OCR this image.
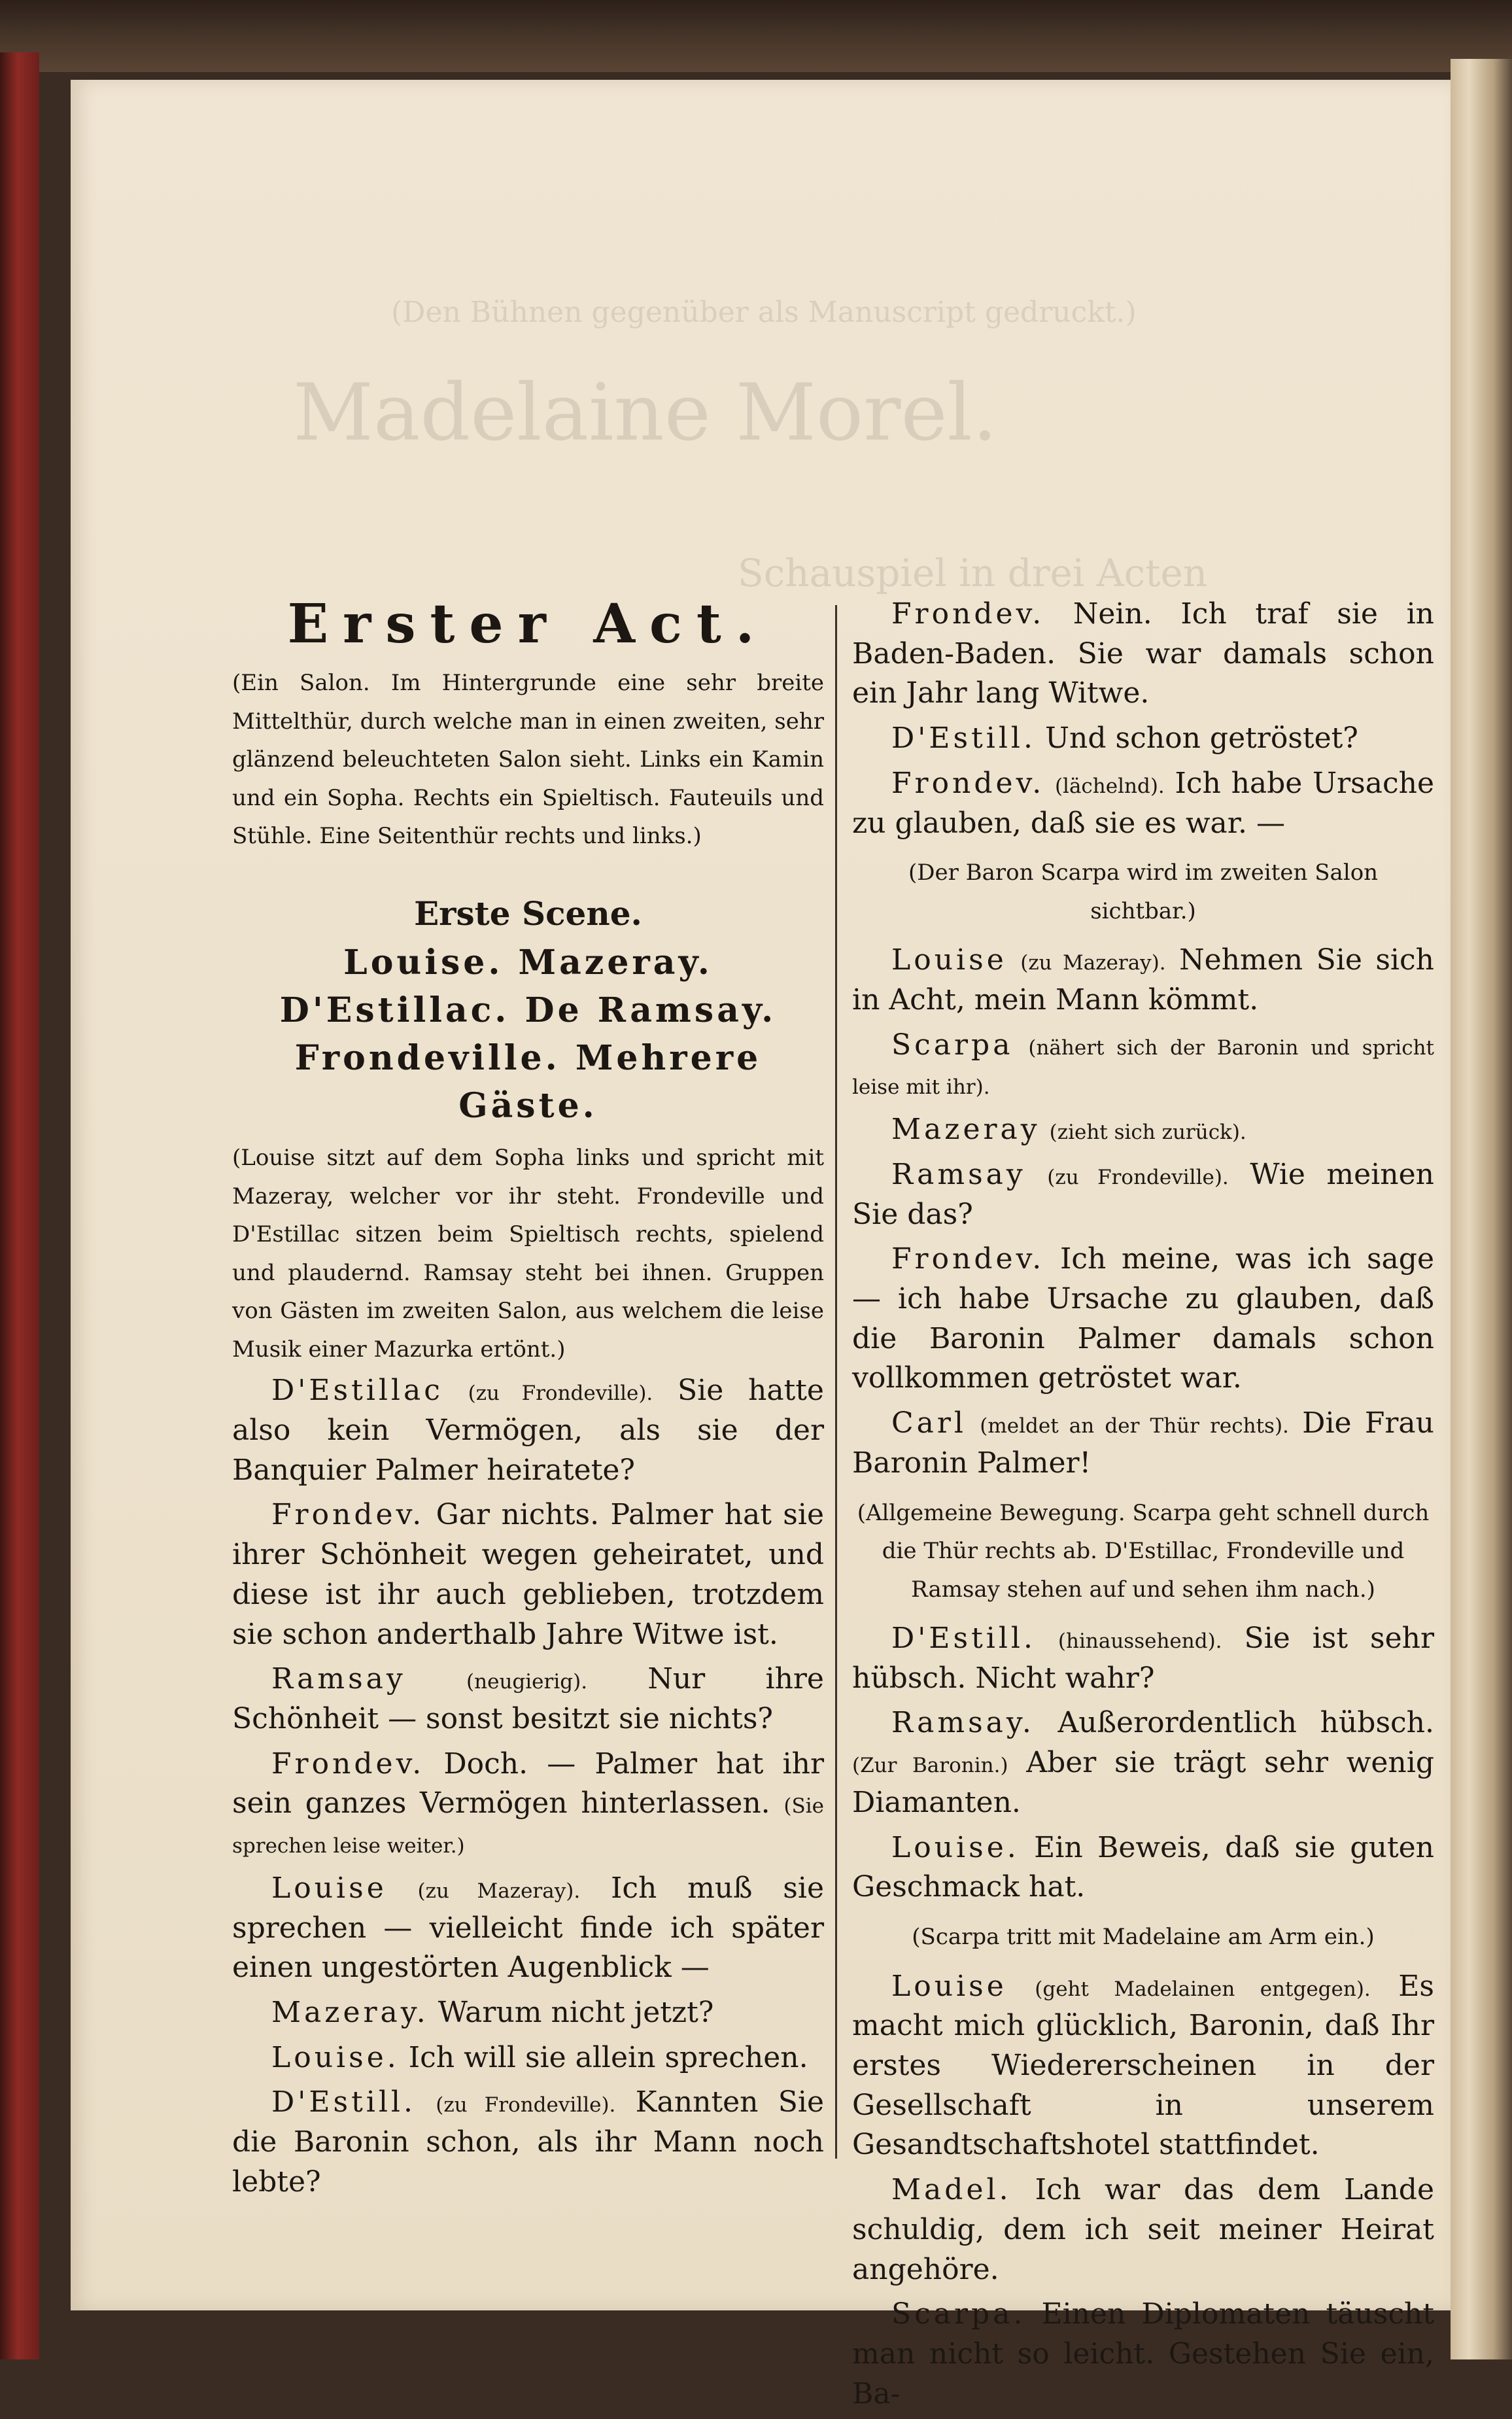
(Den Bühnen gegenüber als Manuscript gedruckt.)
Madelaine Morel.
Schauspiel in drei Acten
Erster Act.

(Ein Salon. Im Hintergrunde eine sehr breite Mittelthür, durch welche man in einen zweiten, sehr glänzend beleuchteten Salon sieht. Links ein Kamin und ein Sopha. Rechts ein Spieltisch. Fauteuils und Stühle. Eine Seitenthür rechts und links.)

Erste Scene.
Louise. Mazeray. D'Estillac. De Ramsay. Frondeville. Mehrere Gäste.

(Louise sitzt auf dem Sopha links und spricht mit Mazeray, welcher vor ihr steht. Frondeville und D'Estillac sitzen beim Spieltisch rechts, spielend und plaudernd. Ramsay steht bei ihnen. Gruppen von Gästen im zweiten Salon, aus welchem die leise Musik einer Mazurka ertönt.)

D'Estillac (zu Frondeville). Sie hatte also kein Vermögen, als sie der Banquier Palmer heiratete?

Frondev. Gar nichts. Palmer hat sie ihrer Schönheit wegen geheiratet, und diese ist ihr auch geblieben, trotzdem sie schon anderthalb Jahre Witwe ist.

Ramsay	(neugierig). Nur ihre Schönheit — sonst besitzt sie nichts?

Frondev. Doch. — Palmer hat ihr sein ganzes Vermögen hinterlassen. (Sie sprechen leise weiter.)

Louise (zu Mazeray). Ich muß sie sprechen — vielleicht finde ich später einen ungestörten Augenblick —

Mazeray. Warum nicht jetzt?

Louise. Ich will sie allein sprechen.

D'Estill. (zu Frondeville). Kannten Sie die Baronin schon, als ihr Mann noch lebte?

Frondev. Nein. Ich traf sie in Baden-Baden. Sie war damals schon ein Jahr lang Witwe.

D'Estill. Und schon getröstet?

Frondev. (lächelnd). Ich habe Ursache zu glauben, daß sie es war. —

(Der Baron Scarpa wird im zweiten Salon sichtbar.)

Louise (zu Mazeray). Nehmen Sie sich in Acht, mein Mann kömmt.

Scarpa (nähert sich der Baronin und spricht leise mit ihr).

Mazeray (zieht sich zurück).

Ramsay (zu Frondeville). Wie meinen Sie das?

Frondev. Ich meine, was ich sage — ich habe Ursache zu glauben, daß die Baronin Palmer damals schon vollkommen getröstet war.

Carl (meldet an der Thür rechts). Die Frau Baronin Palmer!

(Allgemeine Bewegung. Scarpa geht schnell durch die Thür rechts ab. D'Estillac, Frondeville und Ramsay stehen auf und sehen ihm nach.)

D'Estill. (hinaussehend). Sie ist sehr hübsch. Nicht wahr?

Ramsay. Außerordentlich hübsch. (Zur Baronin.) Aber sie trägt sehr wenig Diamanten.

Louise. Ein Beweis, daß sie guten Geschmack hat.

(Scarpa tritt mit Madelaine am Arm ein.)

Louise (geht Madelainen entgegen). Es macht mich glücklich, Baronin, daß Ihr erstes Wiedererscheinen in der Gesellschaft in unserem Gesandtschaftshotel stattfindet.

Madel. Ich war das dem Lande schuldig, dem ich seit meiner Heirat angehöre.

Scarpa. Einen Diplomaten täuscht man nicht so leicht. Gestehen Sie ein, Ba-
